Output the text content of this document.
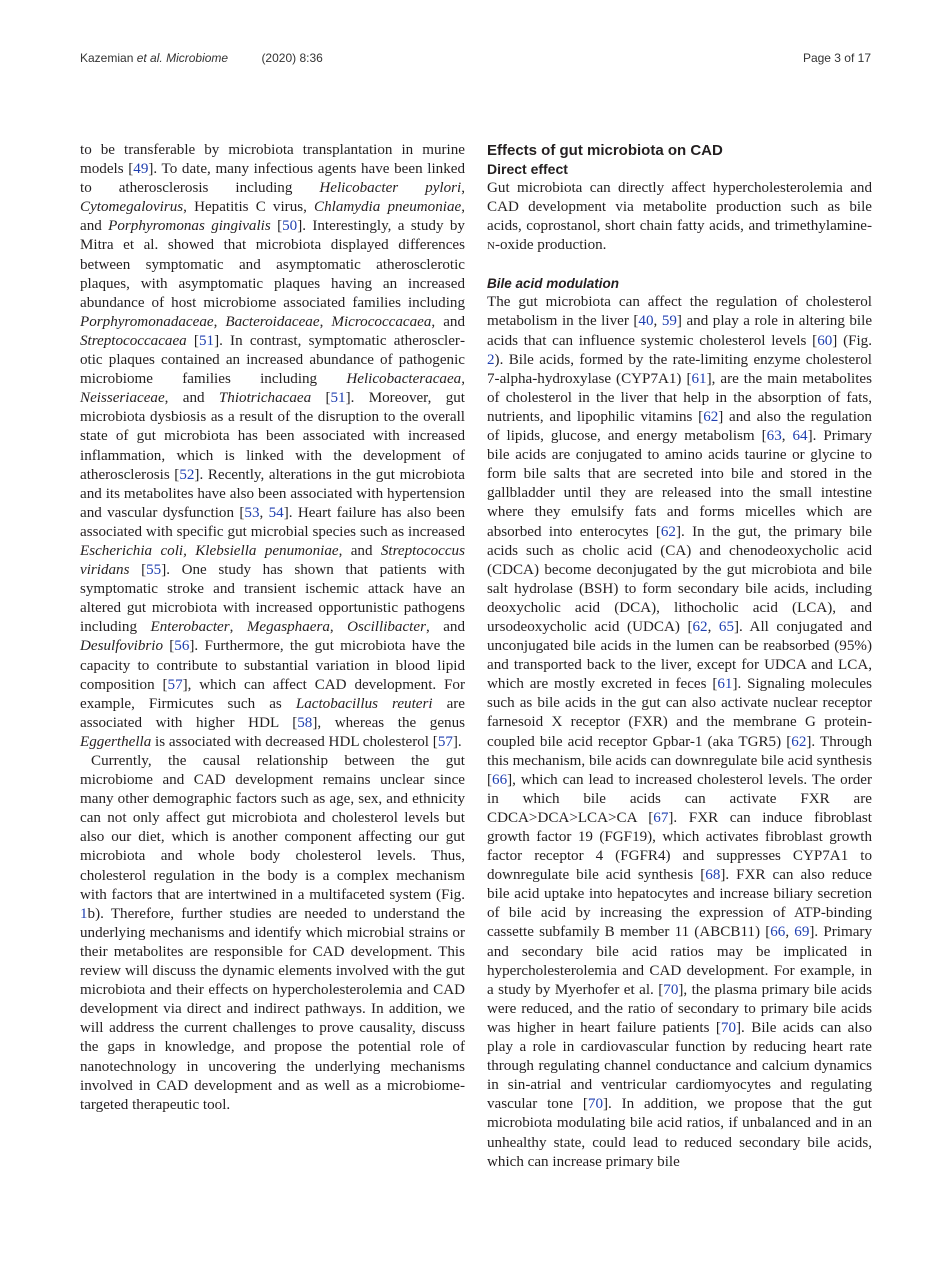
Kazemian et al. Microbiome	(2020) 8:36	Page 3 of 17

to be transferable by microbiota transplantation in murine models [49]. To date, many infectious agents have been linked to atherosclerosis including Helicobacter pylori, Cytomegalovirus, Hepatitis C virus, Chlamydia pneumoniae, and Porphyromonas gingivalis [50]. Interestingly, a study by Mitra et al. showed that microbiota displayed differences between symptomatic and asymptomatic atherosclerotic plaques, with asymptomatic plaques having an increased abundance of host microbiome associated families including Porphyromonadaceae, Bacteroidaceae, Micrococcacaea, and Streptococcacaea [51]. In contrast, symptomatic atherosclerotic plaques contained an increased abundance of pathogenic microbiome families including Helicobacteracaea, Neisseriaceae, and Thiotrichacaea [51]. Moreover, gut microbiota dysbiosis as a result of the disruption to the overall state of gut microbiota has been associated with increased inflammation, which is linked with the development of atherosclerosis [52]. Recently, alterations in the gut microbiota and its metabolites have also been associated with hypertension and vascular dysfunction [53, 54]. Heart failure has also been associated with specific gut microbial species such as increased Escherichia coli, Klebsiella penumoniae, and Streptococcus viridans [55]. One study has shown that patients with symptomatic stroke and transient ischemic attack have an altered gut microbiota with increased opportunistic pathogens including Enterobacter, Megasphaera, Oscillibacter, and Desulfovibrio [56]. Furthermore, the gut microbiota have the capacity to contribute to substantial variation in blood lipid composition [57], which can affect CAD development. For example, Firmicutes such as Lactobacillus reuteri are associated with higher HDL [58], whereas the genus Eggerthella is associated with decreased HDL cholesterol [57].

Currently, the causal relationship between the gut microbiome and CAD development remains unclear since many other demographic factors such as age, sex, and ethnicity can not only affect gut microbiota and cholesterol levels but also our diet, which is another component affecting our gut microbiota and whole body cholesterol levels. Thus, cholesterol regulation in the body is a complex mechanism with factors that are intertwined in a multifaceted system (Fig. 1b). Therefore, further studies are needed to understand the underlying mechanisms and identify which microbial strains or their metabolites are responsible for CAD development. This review will discuss the dynamic elements involved with the gut microbiota and their effects on hypercholesterolemia and CAD development via direct and indirect pathways. In addition, we will address the current challenges to prove causality, discuss the gaps in knowledge, and propose the potential role of nanotechnology in uncovering the underlying mechanisms involved in CAD development and as well as a microbiome-targeted therapeutic tool.

Effects of gut microbiota on CAD
Direct effect

Gut microbiota can directly affect hypercholesterolemia and CAD development via metabolite production such as bile acids, coprostanol, short chain fatty acids, and trimethylamine-n-oxide production.

Bile acid modulation

The gut microbiota can affect the regulation of cholesterol metabolism in the liver [40, 59] and play a role in altering bile acids that can influence systemic cholesterol levels [60] (Fig. 2). Bile acids, formed by the rate-limiting enzyme cholesterol 7-alpha-hydroxylase (CYP7A1) [61], are the main metabolites of cholesterol in the liver that help in the absorption of fats, nutrients, and lipophilic vitamins [62] and also the regulation of lipids, glucose, and energy metabolism [63, 64]. Primary bile acids are conjugated to amino acids taurine or glycine to form bile salts that are secreted into bile and stored in the gallbladder until they are released into the small intestine where they emulsify fats and forms micelles which are absorbed into enterocytes [62]. In the gut, the primary bile acids such as cholic acid (CA) and chenodeoxycholic acid (CDCA) become deconjugated by the gut microbiota and bile salt hydrolase (BSH) to form secondary bile acids, including deoxycholic acid (DCA), lithocholic acid (LCA), and ursodeoxycholic acid (UDCA) [62, 65]. All conjugated and unconjugated bile acids in the lumen can be reabsorbed (95%) and transported back to the liver, except for UDCA and LCA, which are mostly excreted in feces [61]. Signaling molecules such as bile acids in the gut can also activate nuclear receptor farnesoid X receptor (FXR) and the membrane G protein-coupled bile acid receptor Gpbar-1 (aka TGR5) [62]. Through this mechanism, bile acids can downregulate bile acid synthesis [66], which can lead to increased cholesterol levels. The order in which bile acids can activate FXR are CDCA>DCA>LCA>CA [67]. FXR can induce fibroblast growth factor 19 (FGF19), which activates fibroblast growth factor receptor 4 (FGFR4) and suppresses CYP7A1 to downregulate bile acid synthesis [68]. FXR can also reduce bile acid uptake into hepatocytes and increase biliary secretion of bile acid by increasing the expression of ATP-binding cassette subfamily B member 11 (ABCB11) [66, 69]. Primary and secondary bile acid ratios may be implicated in hypercholesterolemia and CAD development. For example, in a study by Myerhofer et al. [70], the plasma primary bile acids were reduced, and the ratio of secondary to primary bile acids was higher in heart failure patients [70]. Bile acids can also play a role in cardiovascular function by reducing heart rate through regulating channel conductance and calcium dynamics in sin-atrial and ventricular cardiomyocytes and regulating vascular tone [70]. In addition, we propose that the gut microbiota modulating bile acid ratios, if unbalanced and in an unhealthy state, could lead to reduced secondary bile acids, which can increase primary bile
